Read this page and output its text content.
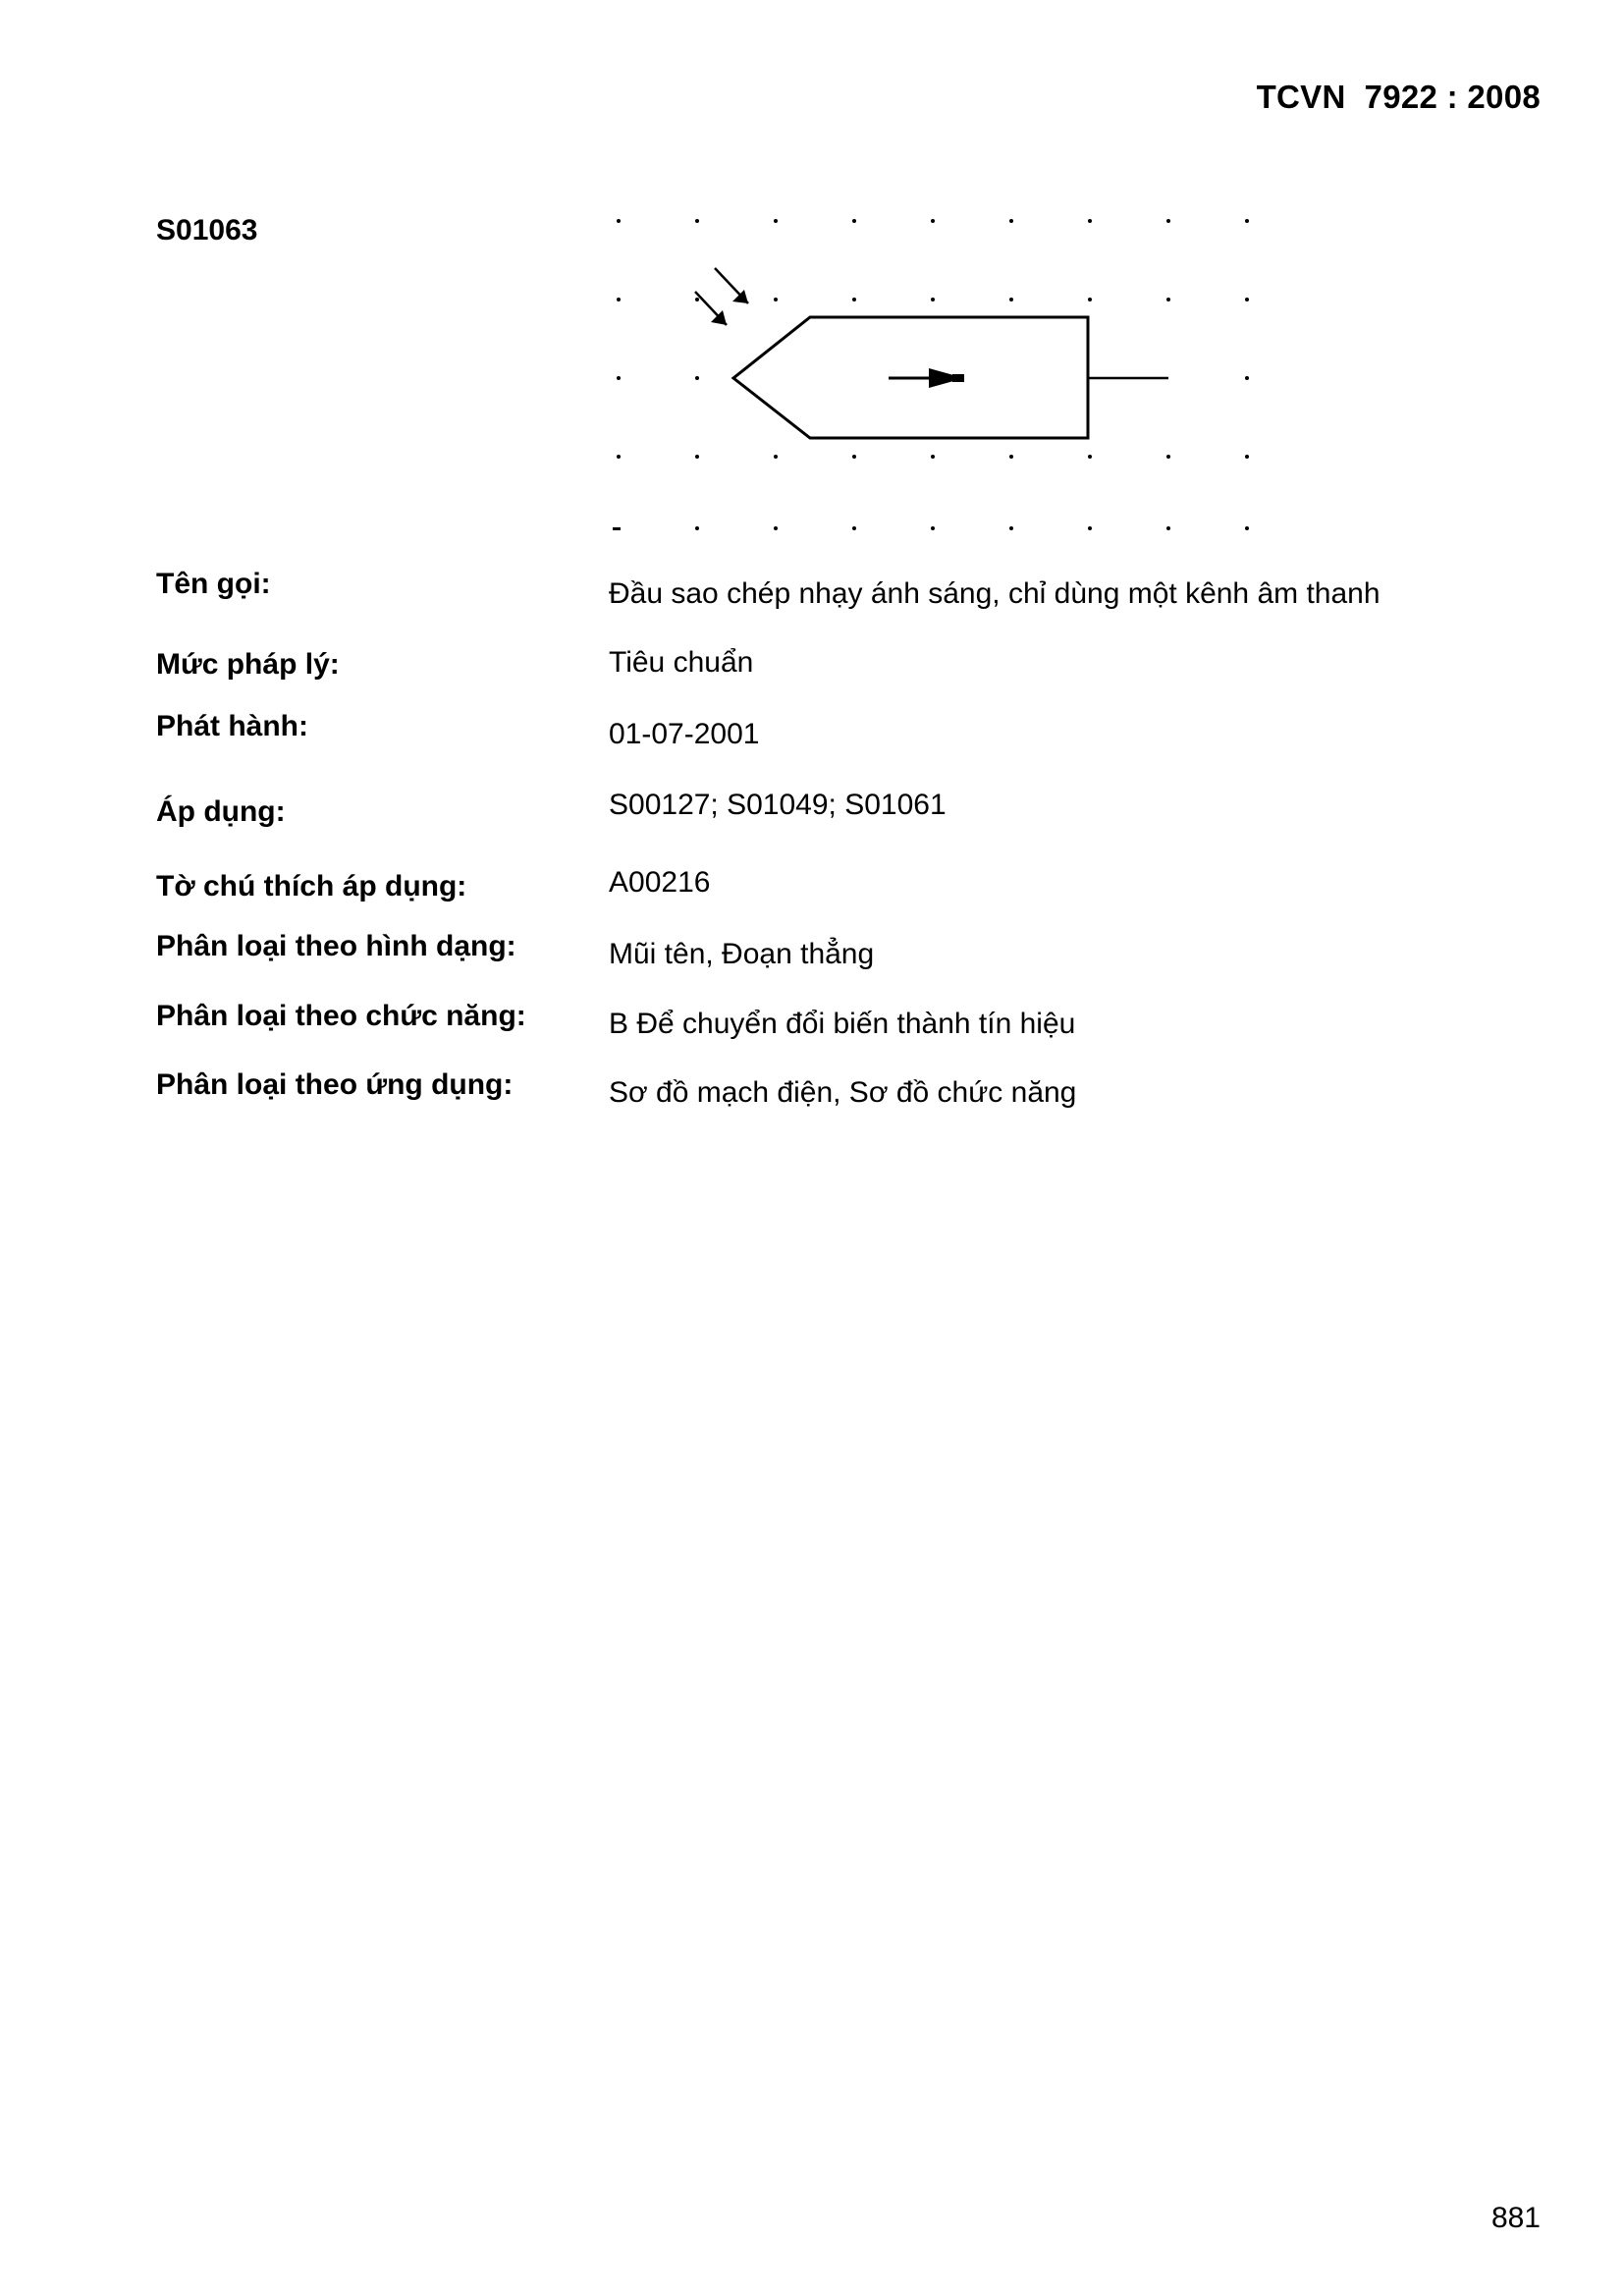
TCVN  7922 : 2008
S01063
Tên gọi:	Đầu sao chép nhạy ánh sáng, chỉ dùng một kênh âm thanh
Mức pháp lý:	Tiêu chuẩn
Phát hành:	01-07-2001
Áp dụng:	S00127; S01049; S01061
Tờ chú thích áp dụng:	A00216
Phân loại theo hình dạng:	Mũi tên, Đoạn thẳng
Phân loại theo chức năng:	B Để chuyển đổi biến thành tín hiệu
Phân loại theo ứng dụng:	Sơ đồ mạch điện, Sơ đồ chức năng
881
